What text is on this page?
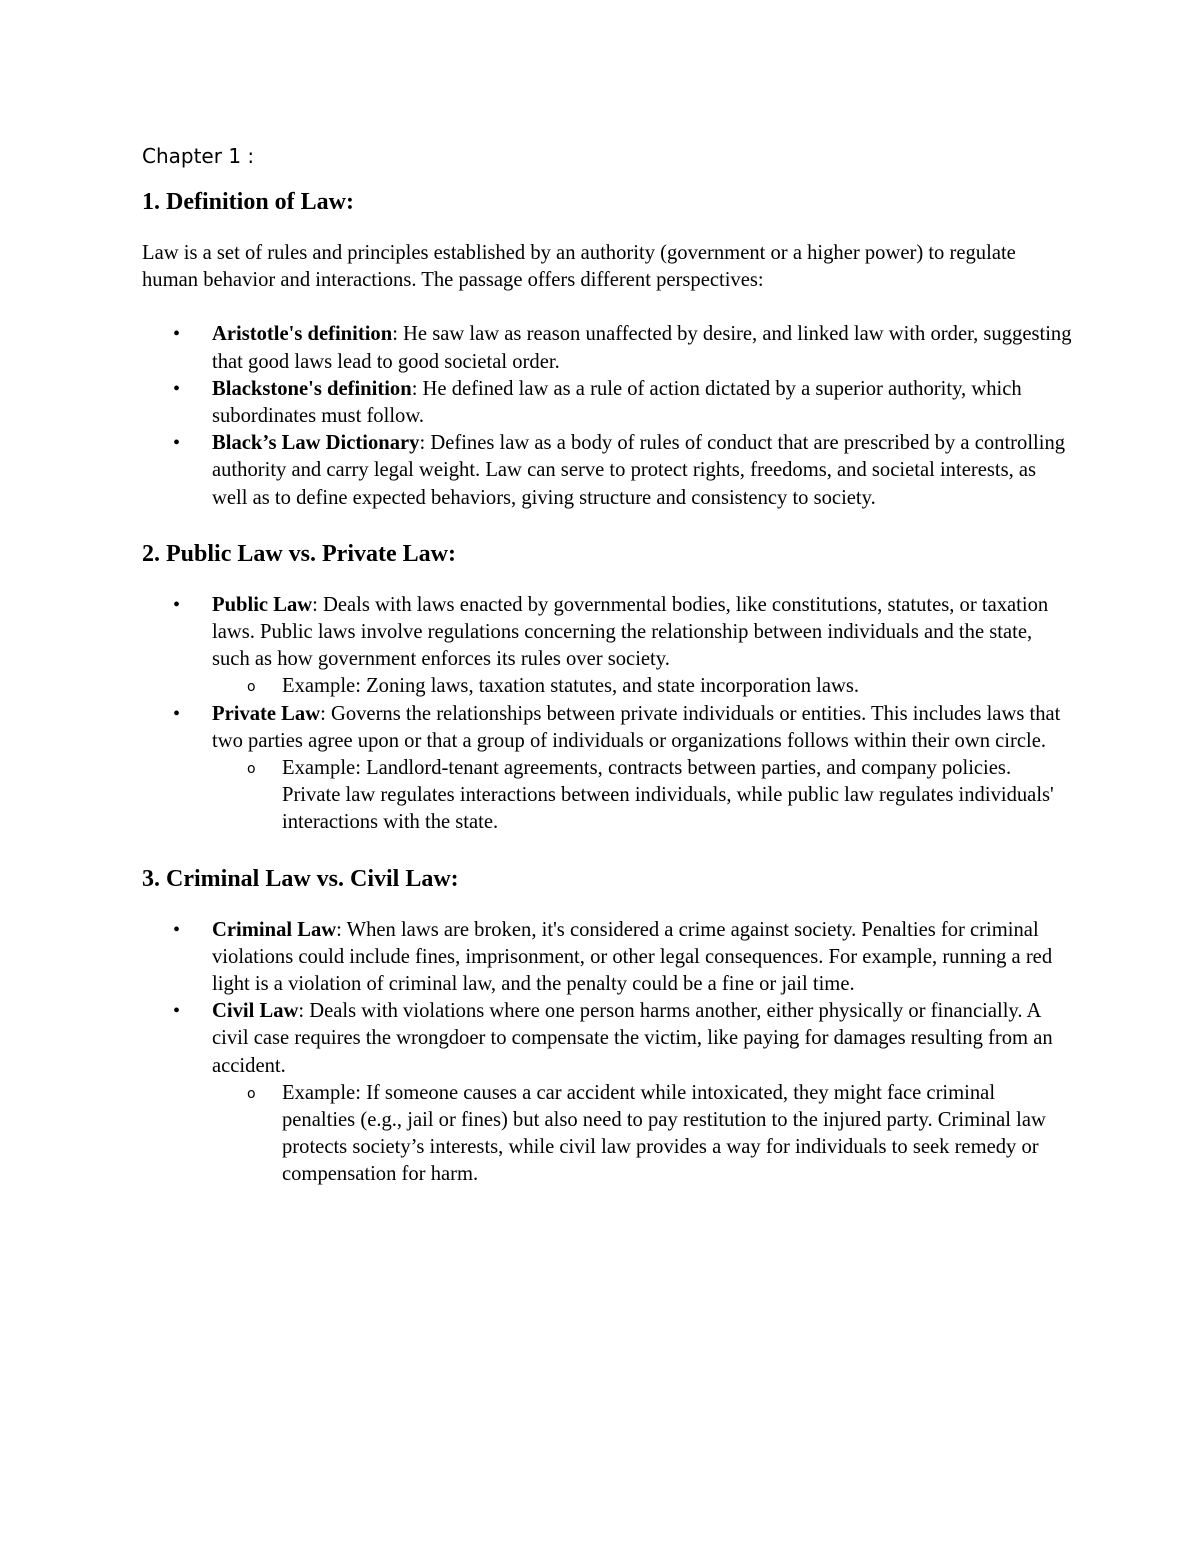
Chapter 1 :
1. Definition of Law:

Law is a set of rules and principles established by an authority (government or a higher power) to regulate human behavior and interactions. The passage offers different perspectives:

• Aristotle's definition: He saw law as reason unaffected by desire, and linked law with order, suggesting that good laws lead to good societal order.
• Blackstone's definition: He defined law as a rule of action dictated by a superior authority, which subordinates must follow.
• Black’s Law Dictionary: Defines law as a body of rules of conduct that are prescribed by a controlling authority and carry legal weight. Law can serve to protect rights, freedoms, and societal interests, as well as to define expected behaviors, giving structure and consistency to society.
2. Public Law vs. Private Law:
• Public Law: Deals with laws enacted by governmental bodies, like constitutions, statutes, or taxation laws. Public laws involve regulations concerning the relationship between individuals and the state, such as how government enforces its rules over society.
o Example: Zoning laws, taxation statutes, and state incorporation laws.
• Private Law: Governs the relationships between private individuals or entities. This includes laws that two parties agree upon or that a group of individuals or organizations follows within their own circle.
o Example: Landlord-tenant agreements, contracts between parties, and company policies. Private law regulates interactions between individuals, while public law regulates individuals' interactions with the state.
3. Criminal Law vs. Civil Law:
• Criminal Law: When laws are broken, it's considered a crime against society. Penalties for criminal violations could include fines, imprisonment, or other legal consequences. For example, running a red light is a violation of criminal law, and the penalty could be a fine or jail time.
• Civil Law: Deals with violations where one person harms another, either physically or financially. A civil case requires the wrongdoer to compensate the victim, like paying for damages resulting from an accident.
o Example: If someone causes a car accident while intoxicated, they might face criminal penalties (e.g., jail or fines) but also need to pay restitution to the injured party. Criminal law protects society’s interests, while civil law provides a way for individuals to seek remedy or compensation for harm.
